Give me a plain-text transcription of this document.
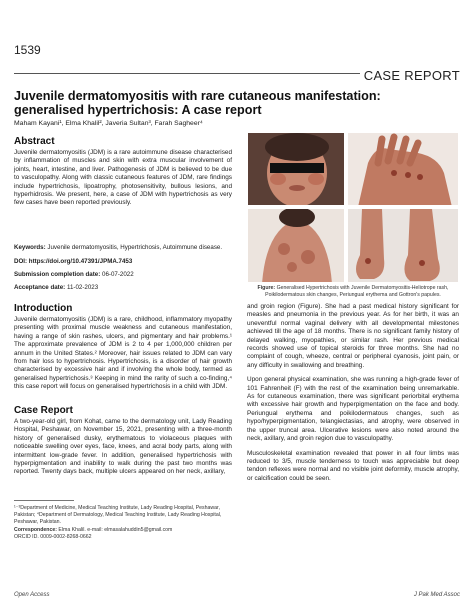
1539
CASE REPORT
Juvenile dermatomyositis with rare cutaneous manifestation: generalised hypertrichosis: A case report
Maham Kayani¹, Elma Khalil², Javeria Sultan³, Farah Sagheer⁴
Abstract

Juvenile dermatomyositis (JDM) is a rare autoimmune disease characterised by inflammation of muscles and skin with extra muscular involvement of joints, heart, intestine, and liver. Pathogenesis of JDM is believed to be due to vasculopathy. Along with classic cutaneous features of JDM, rare findings include hypertrichosis, lipoatrophy, photosensitivity, bullous lesions, and hyperhidrosis. We present, here, a case of JDM with hypertrichosis as very few cases have been reported previously.

Keywords: Juvenile dermatomyositis, Hypertrichosis, Autoimmune disease.
DOI: https://doi.org/10.47391/JPMA.7453
Submission completion date: 06-07-2022
Acceptance date: 11-02-2023
Introduction

Juvenile dermatomyositis (JDM) is a rare, childhood, inflammatory myopathy presenting with proximal muscle weakness and cutaneous manifestation, having a range of skin rashes, ulcers, and pigmentary and hair problems.¹ The approximate prevalence of JDM is 2 to 4 per 1,000,000 children per annum in the United States.² Moreover, hair issues related to JDM can vary from hair loss to hypertrichosis. Hypertrichosis, is a disorder of hair growth characterised by excessive hair and if involving the whole body, termed as generalised hypertrichosis.³ Keeping in mind the rarity of such a co-finding,⁴ this case report will focus on generalised hypertrichosis in a child with JDM.

Case Report

A two-year-old girl, from Kohat, came to the dermatology unit, Lady Reading Hospital, Peshawar, on November 15, 2021, presenting with a three-month history of generalised dusky, erythematous to violaceous plaques with noticeable swelling over eyes, face, knees, and acral body parts, along with intermittent low-grade fever. In addition, generalised hypertrichosis with hyperpigmentation and inability to walk during the past two months was reported. Twenty days back, multiple ulcers appeared on her neck, axillary,

¹⁻³Department of Medicine, Medical Teaching Institute, Lady Reading Hospital, Peshawar, Pakistan; ⁴Department of Dermatology, Medical Teaching Institute, Lady Reading Hospital, Peshawar, Pakistan.
Correspondence: Elma Khalil. e-mail: elmasalahuddin5@gmail.com
ORCID ID. 0009-0002-8268-0662
Figure: Generalised Hypertrichosis with Juvenile Dermatomyositis-Heliotrope rash, Poikilodermatous skin changes, Periungual erythema and Gottron's papules.

and groin region (Figure). She had a past medical history significant for measles and pneumonia in the previous year. As for her birth, it was an uneventful normal vaginal delivery with all developmental milestones achieved till the age of 18 months. There is no significant family history of delayed walking, myopathies, or similar rash. Her previous medical records showed use of topical steroids for three months. She had no complaint of cough, wheeze, central or peripheral cyanosis, joint pain, or any difficulty in swallowing and breathing.

Upon general physical examination, she was running a high-grade fever of 101 Fahrenheit (F) with the rest of the examination being unremarkable. As for cutaneous examination, there was significant periorbital erythema with excessive hair growth and hyperpigmentation on the face and body. Periungual erythema and poikilodermatous changes, such as hypo/hyperpigmentation, telangiectasias, and atrophy, were observed in the upper truncal area. Ulcerative lesions were also noted around the neck, axillary, and groin region due to vasculopathy.

Musculoskeletal examination revealed that power in all four limbs was reduced to 3/5, muscle tenderness to touch was appreciable but deep tendon reflexes were normal and no visible joint deformity, muscle atrophy, or calcification could be seen.

Open Access	J Pak Med Assoc
